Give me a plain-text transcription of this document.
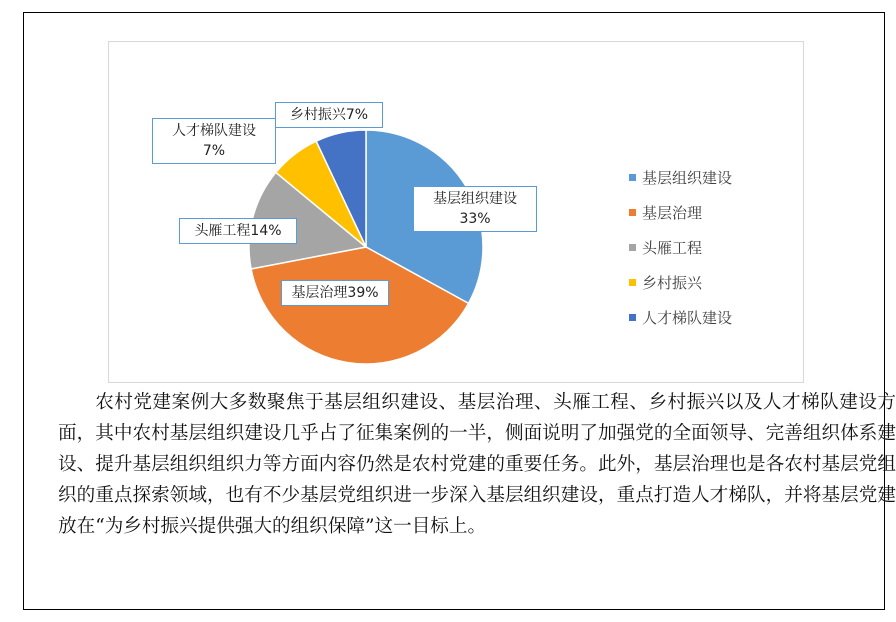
基层组织建设
33%
基层治理39%
头雁工程14%
人才梯队建设
7%
乡村振兴7%
基层组织建设
基层治理
头雁工程
乡村振兴
人才梯队建设

农村党建案例大多数聚焦于基层组织建设、基层治理、头雁工程、乡村振兴以及人才梯队建设方面，其中农村基层组织建设几乎占了征集案例的一半，侧面说明了加强党的全面领导、完善组织体系建设、提升基层组织组织力等方面内容仍然是农村党建的重要任务。此外，基层治理也是各农村基层党组织的重点探索领域，也有不少基层党组织进一步深入基层组织建设，重点打造人才梯队，并将基层党建放在“为乡村振兴提供强大的组织保障”这一目标上。
